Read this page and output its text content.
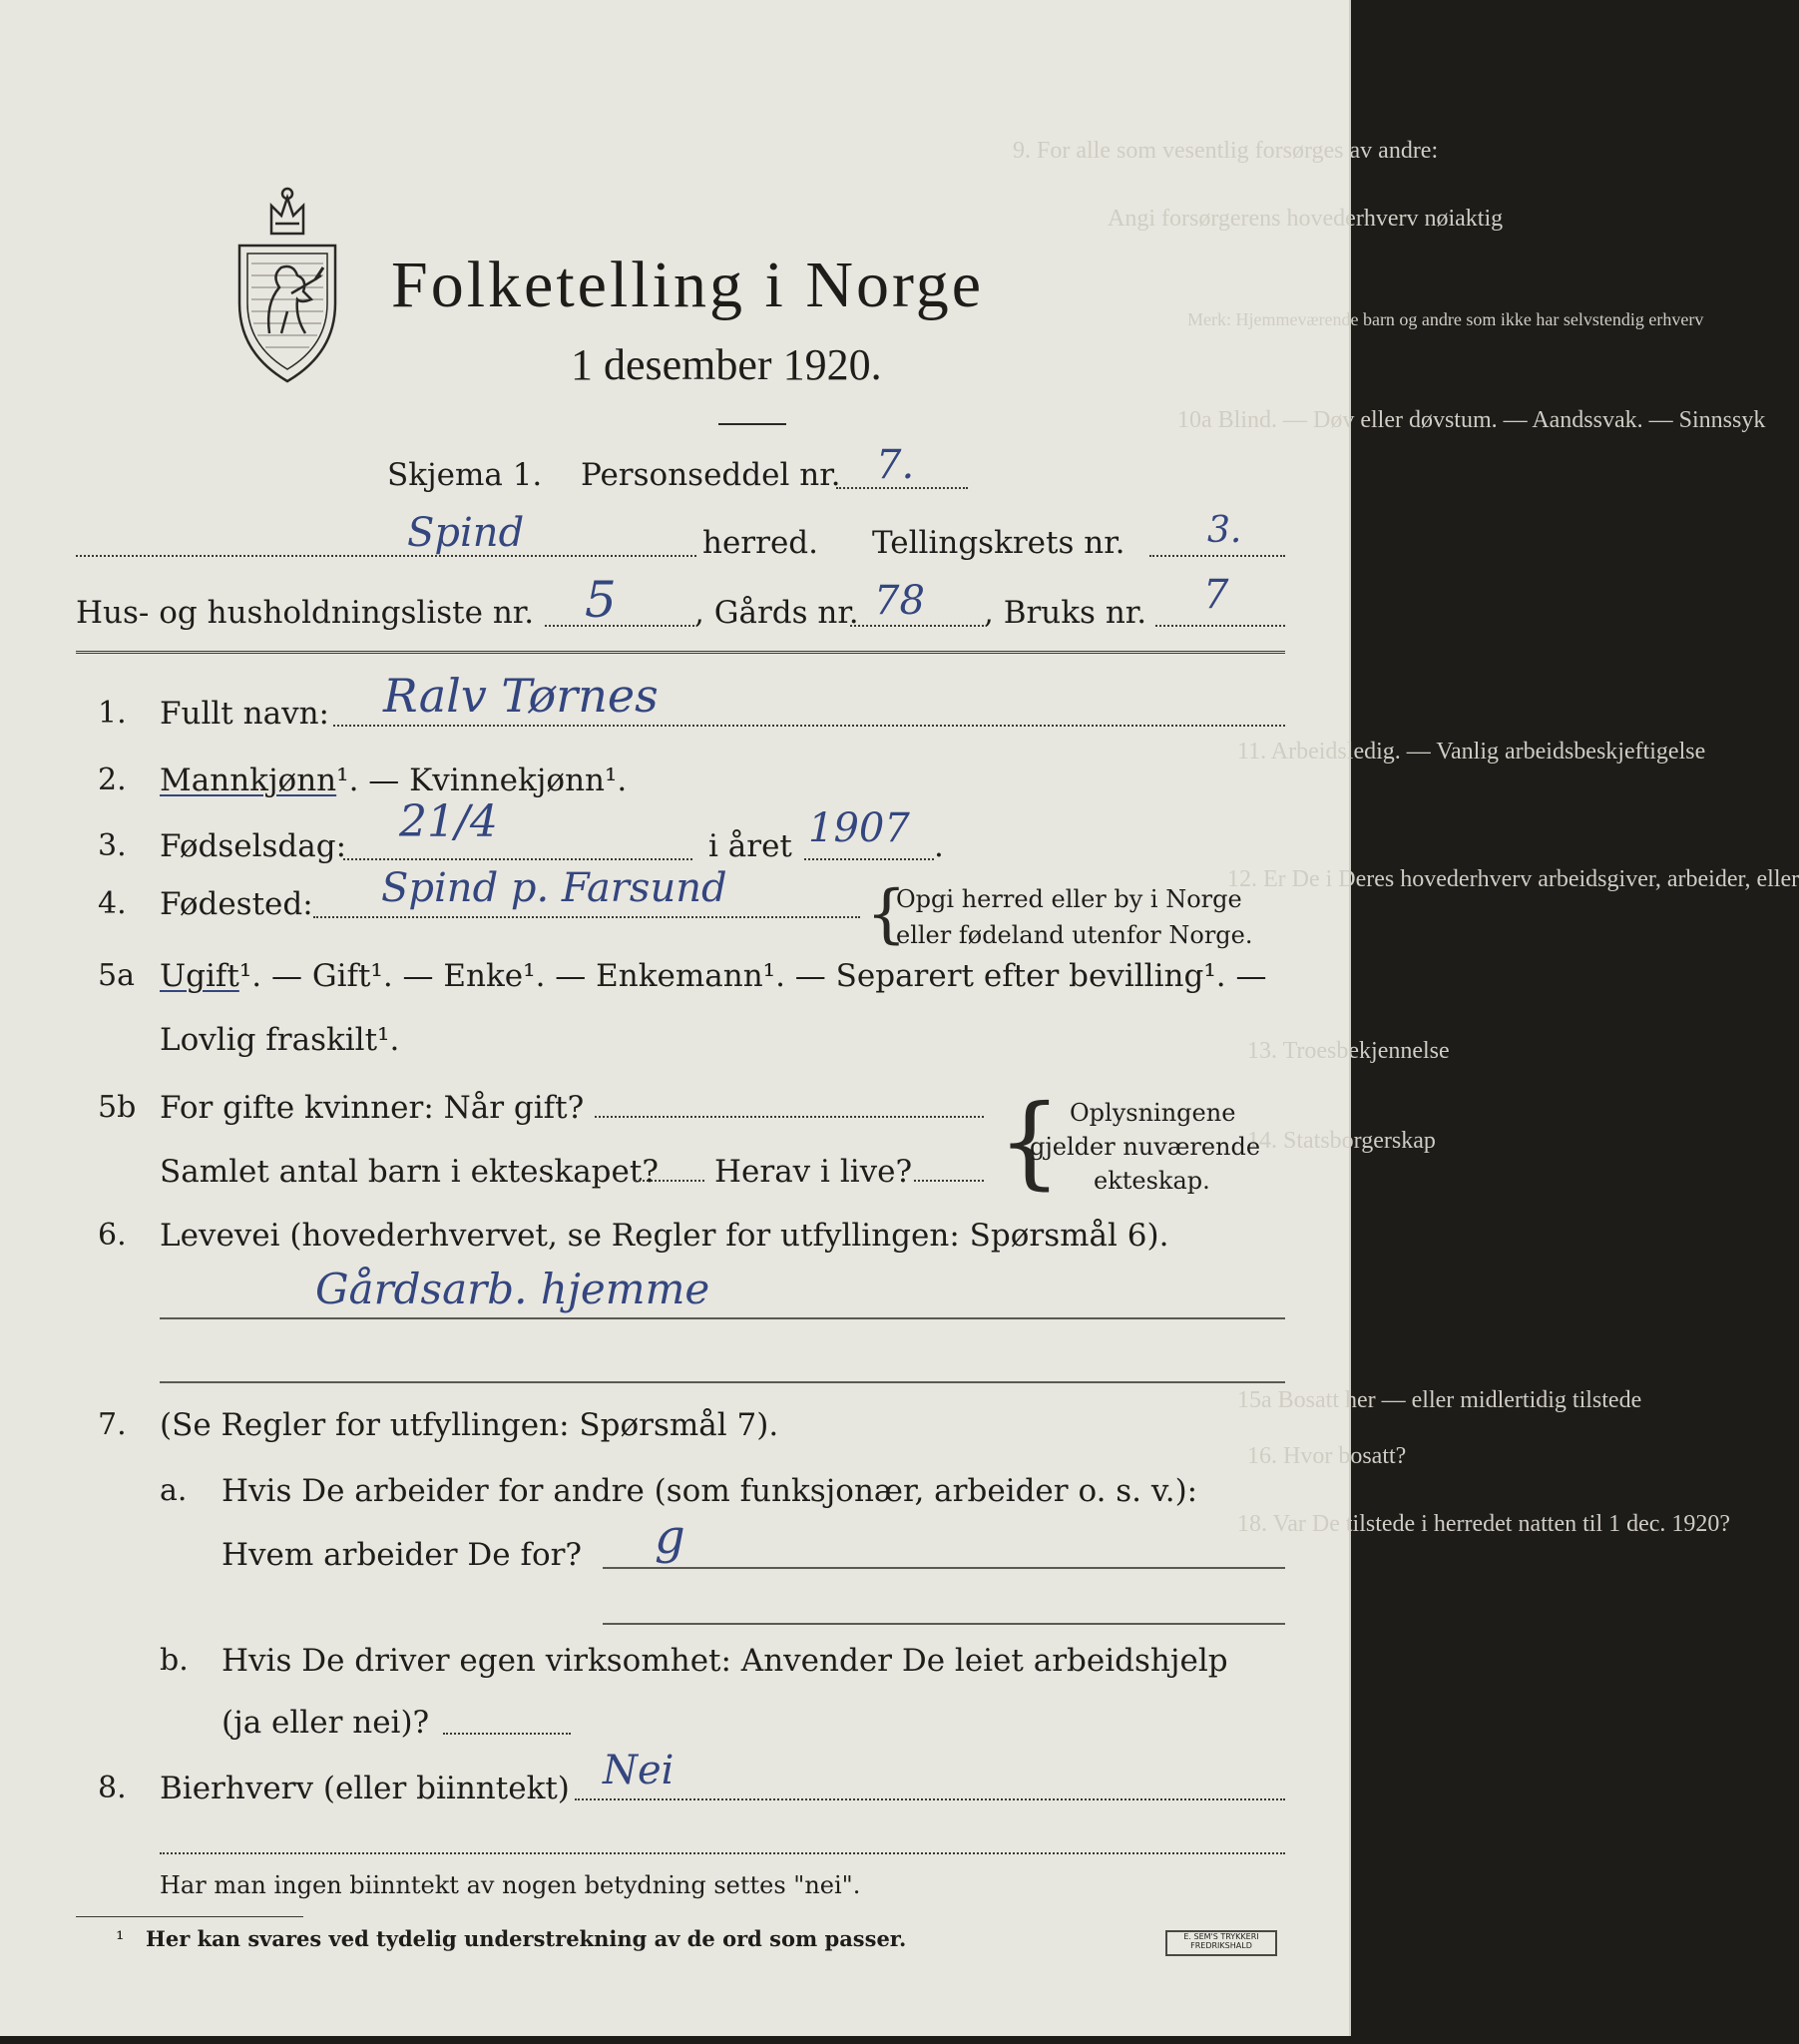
9. For alle som vesentlig forsørges av andre:
Angi forsørgerens hovederhverv nøiaktig
Merk: Hjemmeværende barn og andre som ikke har selvstendig erhverv
10a Blind. — Døv eller døvstum. — Aandssvak. — Sinnssyk
11. Arbeidsledig. — Vanlig arbeidsbeskjeftigelse
12. Er De i Deres hovederhverv arbeidsgiver, arbeider, eller
13. Troesbekjennelse
14. Statsborgerskap
15a Bosatt her — eller midlertidig tilstede
16. Hvor bosatt?
18. Var De tilstede i herredet natten til 1 dec. 1920?
Folketelling i Norge
1 desember 1920.
Skjema 1. Personseddel nr. 7.
Spind	herred. Tellingskrets nr. 3.
Hus- og husholdningsliste nr. 5	, Gårds nr. 78 , Bruks nr. 7
1. Fullt navn: Ralv Tørnes
2. Mannkjønn¹. — Kvinnekjønn¹.
3. Fødselsdag: 21/4	i året 1907 .
4. Fødested: Spind p. Farsund {
Opgi herred eller by i Norge
eller fødeland utenfor Norge.
5a Ugift¹. — Gift¹. — Enke¹. — Enkemann¹. — Separert efter bevilling¹. —
Lovlig fraskilt¹.
5b For gifte kvinner: Når gift?
Samlet antal barn i ekteskapet? Herav i live? { Oplysningene
gjelder nuværende
ekteskap.
6. Levevei (hovederhvervet, se Regler for utfyllingen: Spørsmål 6).
Gårdsarb. hjemme
7. (Se Regler for utfyllingen: Spørsmål 7).
a. Hvis De arbeider for andre (som funksjonær, arbeider o. s. v.):
Hvem arbeider De for? g
b. Hvis De driver egen virksomhet: Anvender De leiet arbeidshjelp
(ja eller nei)?
8. Bierhverv (eller biinntekt) Nei
Har man ingen biinntekt av nogen betydning settes "nei".
¹ Her kan svares ved tydelig understrekning av de ord som passer.	E. SEM'S TRYKKERI FREDRIKSHALD
